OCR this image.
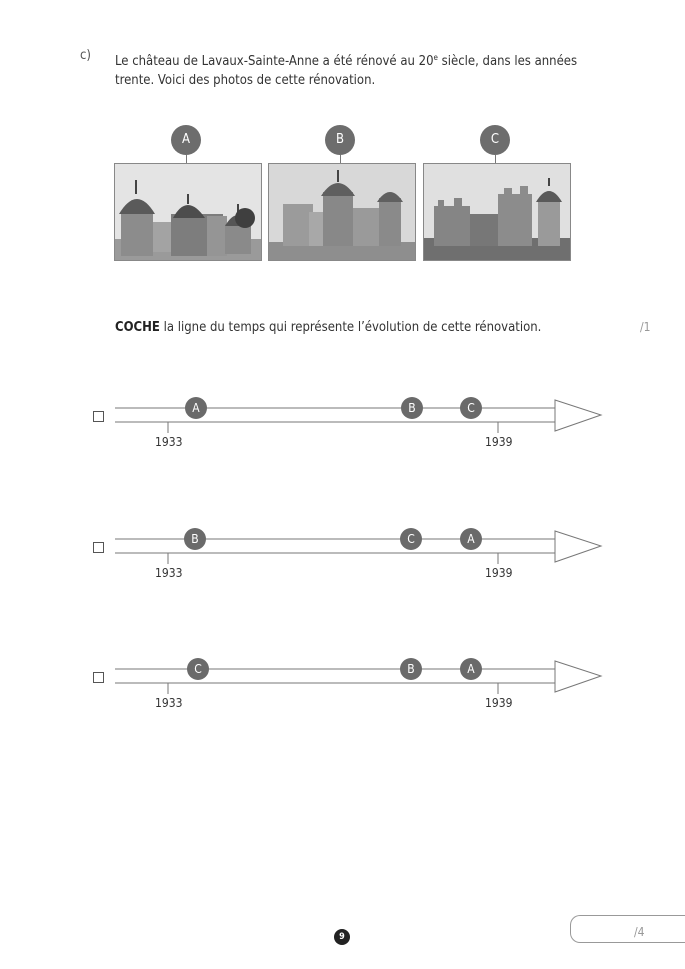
c) Le château de Lavaux-Sainte-Anne a été rénové au 20e siècle, dans les années
trente. Voici des photos de cette rénovation.
A	B	C
COCHE la ligne du temps qui représente l’évolution de cette rénovation.	/1
A	B	C
1933	1939
B	C	A
1933	1939
C	B	A
1933	1939
/4
9
